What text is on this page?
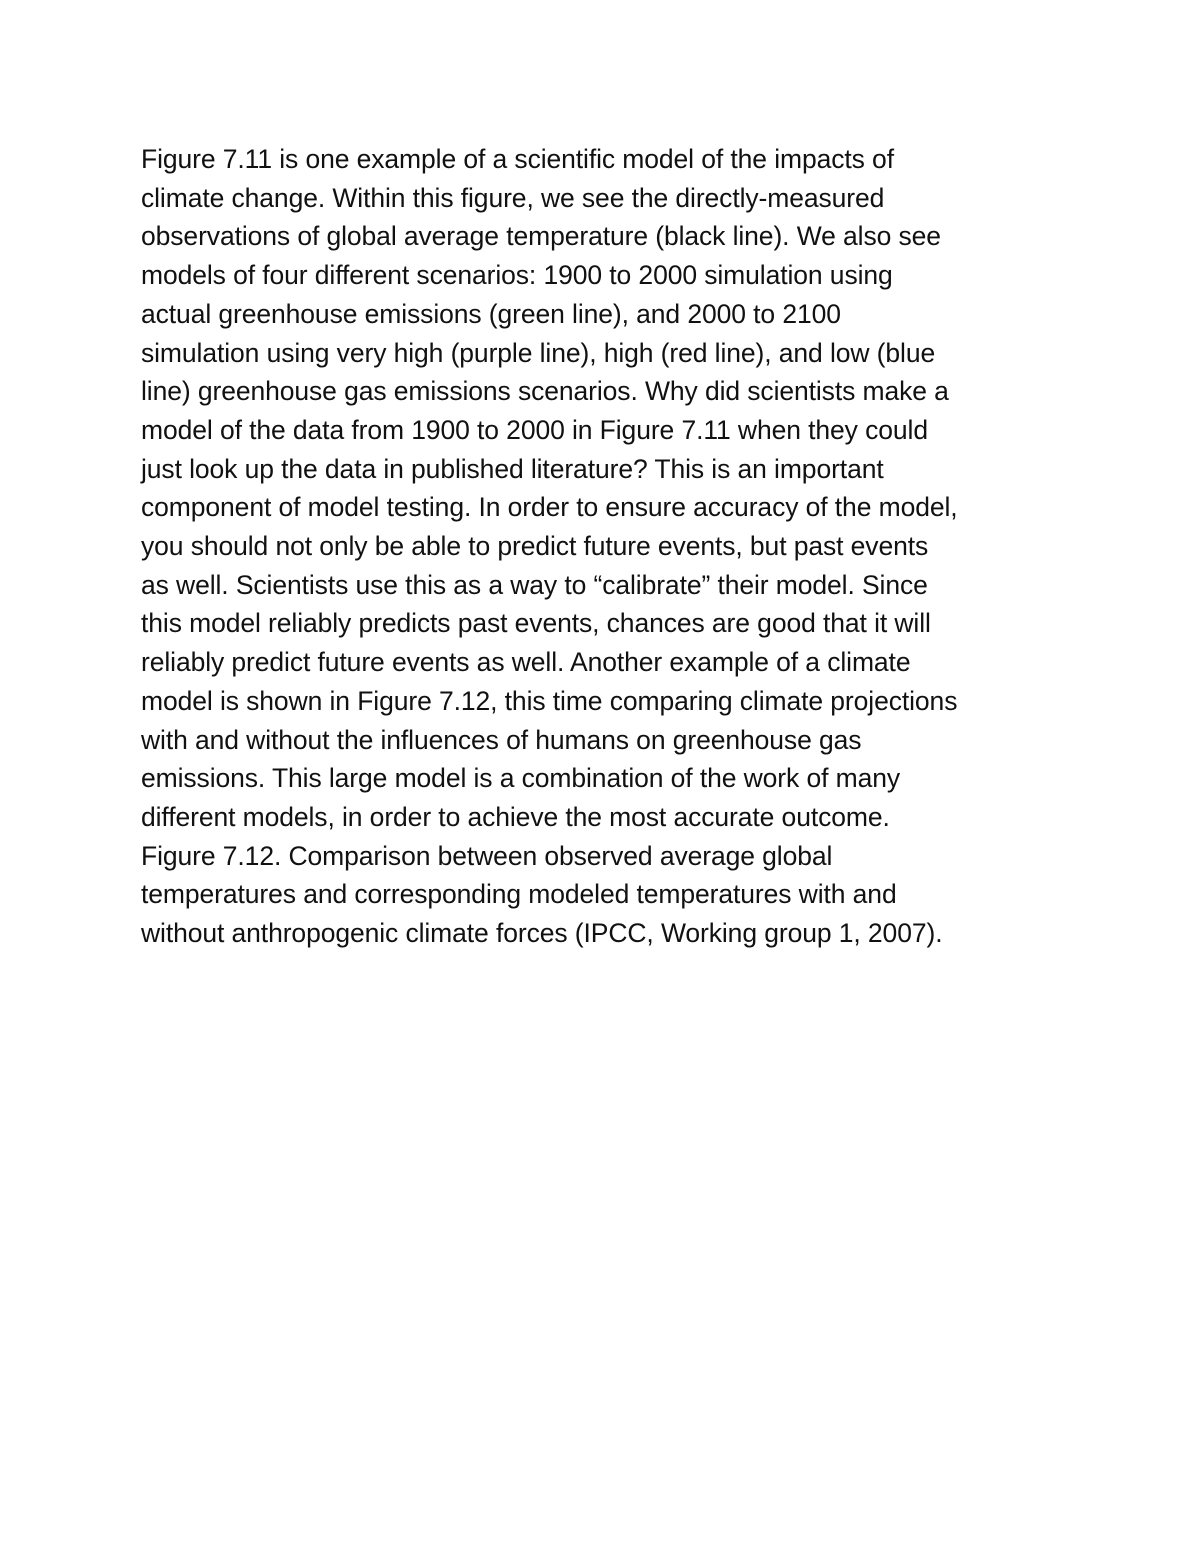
Figure 7.11 is one example of a scientific model of the impacts of
climate change. Within this figure, we see the directly-measured
observations of global average temperature (black line). We also see
models of four different scenarios: 1900 to 2000 simulation using
actual greenhouse emissions (green line), and 2000 to 2100
simulation using very high (purple line), high (red line), and low (blue
line) greenhouse gas emissions scenarios. Why did scientists make a
model of the data from 1900 to 2000 in Figure 7.11 when they could
just look up the data in published literature? This is an important
component of model testing. In order to ensure accuracy of the model,
you should not only be able to predict future events, but past events
as well. Scientists use this as a way to “calibrate” their model. Since
this model reliably predicts past events, chances are good that it will
reliably predict future events as well. Another example of a climate
model is shown in Figure 7.12, this time comparing climate projections
with and without the influences of humans on greenhouse gas
emissions. This large model is a combination of the work of many
different models, in order to achieve the most accurate outcome.
Figure 7.12. Comparison between observed average global
temperatures and corresponding modeled temperatures with and
without anthropogenic climate forces (IPCC, Working group 1, 2007).
